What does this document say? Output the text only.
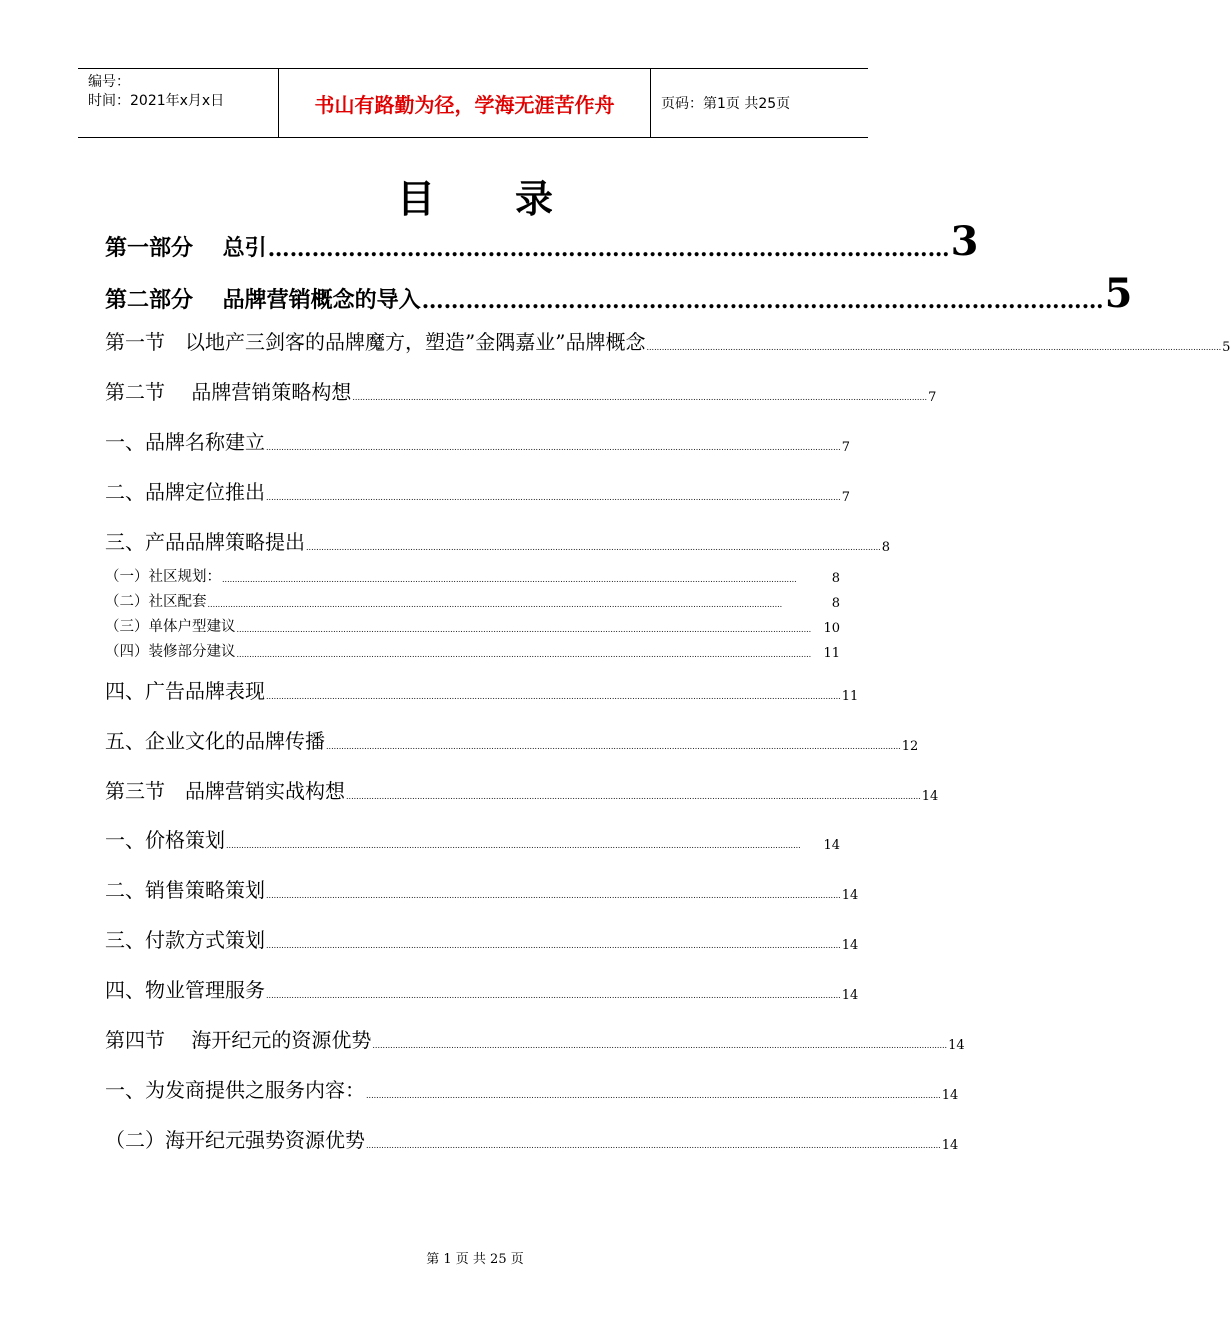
编号：
时间：2021年x月x日	书山有路勤为径，学海无涯苦作舟	页码：第1页 共25页
目录
第一部分　 总引 ………………………………………………………………………………… 3
第二部分　 品牌营销概念的导入 ………………………………………………………………………………… 5
第一节　以地产三剑客的品牌魔方，塑造”金隅嘉业”品牌概念 .................................................................................................................................................................................................................................. 5
第二节　 品牌营销策略构想 .................................................................................................................................................................................................................................. 7
一、品牌名称建立 .................................................................................................................................................................................................................................. 7
二、品牌定位推出 .................................................................................................................................................................................................................................. 7
三、产品品牌策略提出 .................................................................................................................................................................................................................................. 8
（一）社区规划： ..................................................................................................................................................................................................................................	8
（二）社区配套 ..................................................................................................................................................................................................................................	8
（三）单体户型建议 .................................................................................................................................................................................................................................. 10
（四）装修部分建议 .................................................................................................................................................................................................................................. 11
四、广告品牌表现 .................................................................................................................................................................................................................................. 11
五、企业文化的品牌传播 .................................................................................................................................................................................................................................. 12
第三节　品牌营销实战构想 .................................................................................................................................................................................................................................. 14
一、价格策划 ..................................................................................................................................................................................................................................	14
二、销售策略策划 .................................................................................................................................................................................................................................. 14
三、付款方式策划 .................................................................................................................................................................................................................................. 14
四、物业管理服务 .................................................................................................................................................................................................................................. 14
第四节　 海开纪元的资源优势 .................................................................................................................................................................................................................................. 14
一、为发商提供之服务内容： .................................................................................................................................................................................................................................. 14
（二）海开纪元强势资源优势 .................................................................................................................................................................................................................................. 14
第 1 页 共 25 页
